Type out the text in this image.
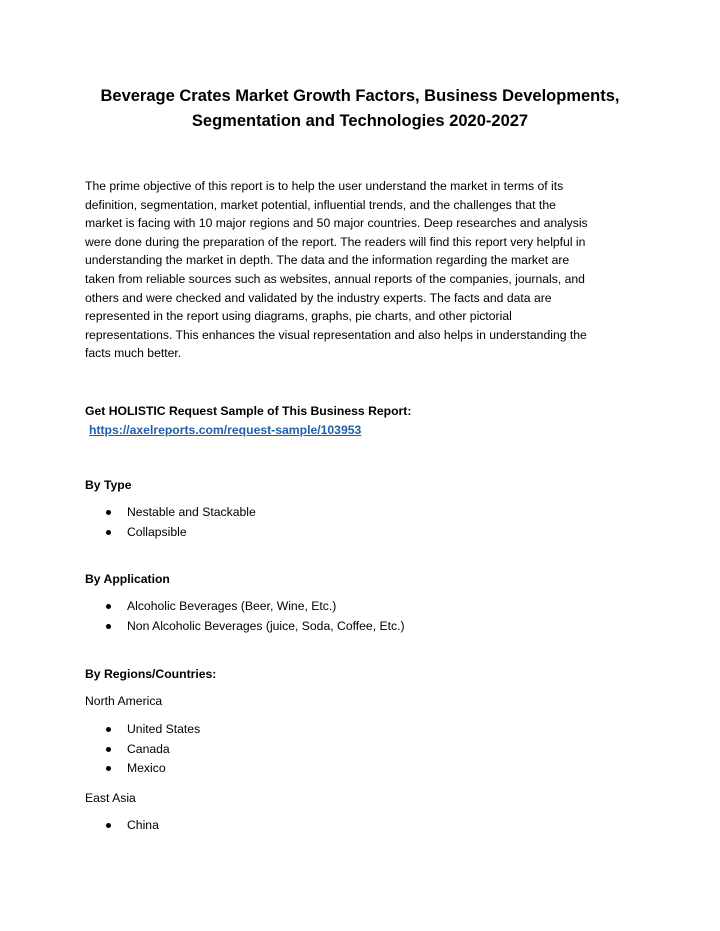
Beverage Crates Market Growth Factors, Business Developments,
Segmentation and Technologies 2020-2027

The prime objective of this report is to help the user understand the market in terms of its
definition, segmentation, market potential, influential trends, and the challenges that the
market is facing with 10 major regions and 50 major countries. Deep researches and analysis
were done during the preparation of the report. The readers will find this report very helpful in
understanding the market in depth. The data and the information regarding the market are
taken from reliable sources such as websites, annual reports of the companies, journals, and
others and were checked and validated by the industry experts. The facts and data are
represented in the report using diagrams, graphs, pie charts, and other pictorial
representations. This enhances the visual representation and also helps in understanding the
facts much better.

Get HOLISTIC Request Sample of This Business Report:
https://axelreports.com/request-sample/103953
By Type
Nestable and Stackable
Collapsible
By Application
Alcoholic Beverages (Beer, Wine, Etc.)
Non Alcoholic Beverages (juice, Soda, Coffee, Etc.)
By Regions/Countries:

North America

United States
Canada
Mexico

East Asia

China
